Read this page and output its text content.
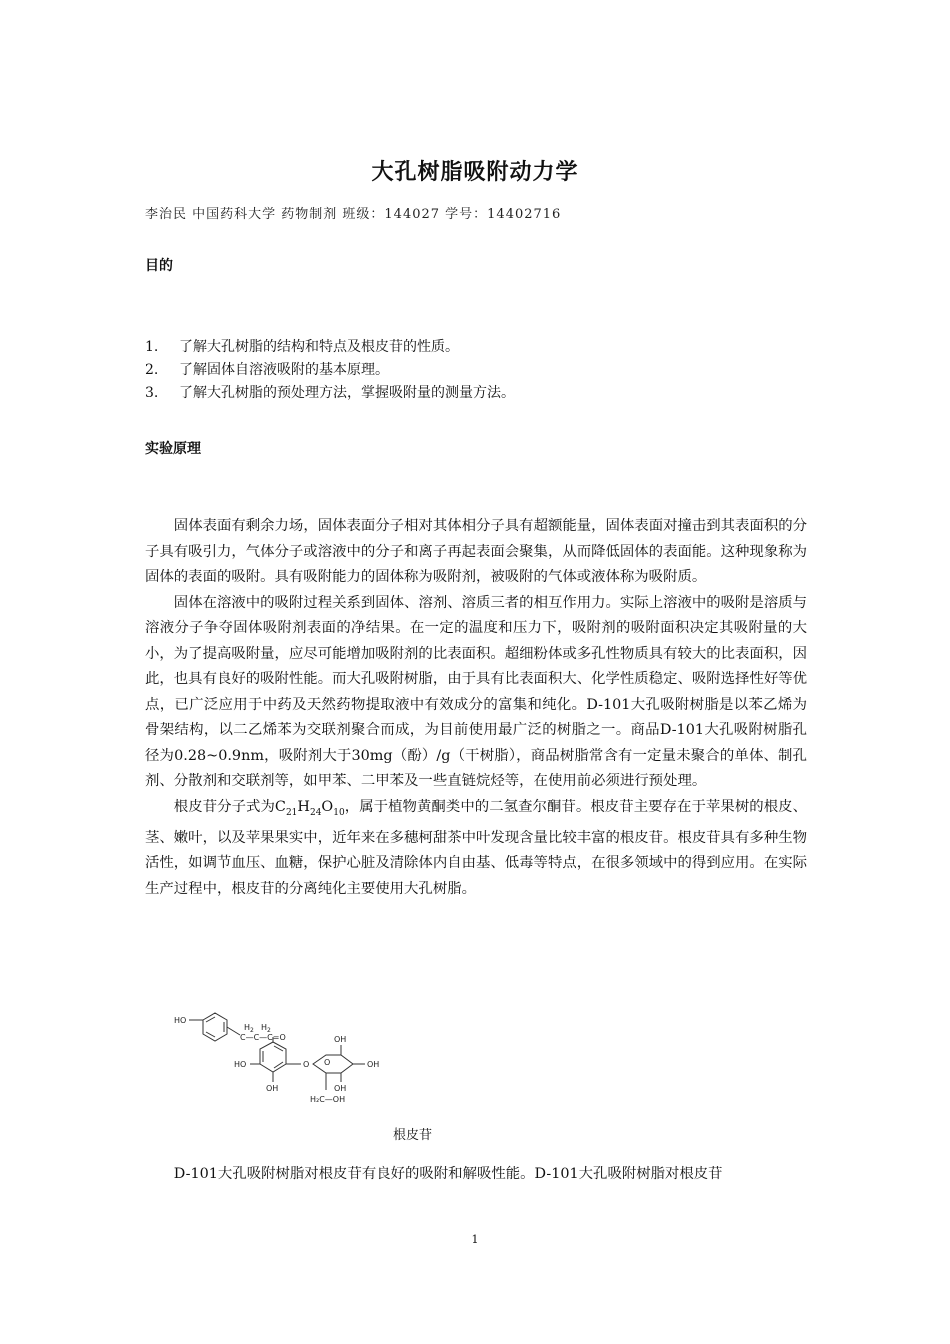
大孔树脂吸附动力学
李治民 中国药科大学 药物制剂 班级：144027 学号：14402716
目的
1.	了解大孔树脂的结构和特点及根皮苷的性质。
2.	了解固体自溶液吸附的基本原理。
3.	了解大孔树脂的预处理方法，掌握吸附量的测量方法。
实验原理

固体表面有剩余力场，固体表面分子相对其体相分子具有超额能量，固体表面对撞击到其表面积的分子具有吸引力，气体分子或溶液中的分子和离子再起表面会聚集，从而降低固体的表面能。这种现象称为固体的表面的吸附。具有吸附能力的固体称为吸附剂，被吸附的气体或液体称为吸附质。

固体在溶液中的吸附过程关系到固体、溶剂、溶质三者的相互作用力。实际上溶液中的吸附是溶质与溶液分子争夺固体吸附剂表面的净结果。在一定的温度和压力下，吸附剂的吸附面积决定其吸附量的大小，为了提高吸附量，应尽可能增加吸附剂的比表面积。超细粉体或多孔性物质具有较大的比表面积，因此，也具有良好的吸附性能。而大孔吸附树脂，由于具有比表面积大、化学性质稳定、吸附选择性好等优点，已广泛应用于中药及天然药物提取液中有效成分的富集和纯化。D-101大孔吸附树脂是以苯乙烯为骨架结构，以二乙烯苯为交联剂聚合而成，为目前使用最广泛的树脂之一。商品D-101大孔吸附树脂孔径为0.28~0.9nm，吸附剂大于30mg（酚）/g（干树脂），商品树脂常含有一定量未聚合的单体、制孔剂、分散剂和交联剂等，如甲苯、二甲苯及一些直链烷烃等，在使用前必须进行预处理。

根皮苷分子式为$C_{21}H_{24}O_{10}$，属于植物黄酮类中的二氢查尔酮苷。根皮苷主要存在于苹果树的根皮、茎、嫩叶，以及苹果果实中，近年来在多穗柯甜茶中叶发现含量比较丰富的根皮苷。根皮苷具有多种生物活性，如调节血压、血糖，保护心脏及清除体内自由基、低毒等特点，在很多领域中的得到应用。在实际生产过程中，根皮苷的分离纯化主要使用大孔树脂。

HO
$H_2$ $H_2$
C—C—C=O
HO
OH
O O
OH
OH
OH
H₂C—OH
根皮苷

D-101大孔吸附树脂对根皮苷有良好的吸附和解吸性能。D-101大孔吸附树脂对根皮苷

1
